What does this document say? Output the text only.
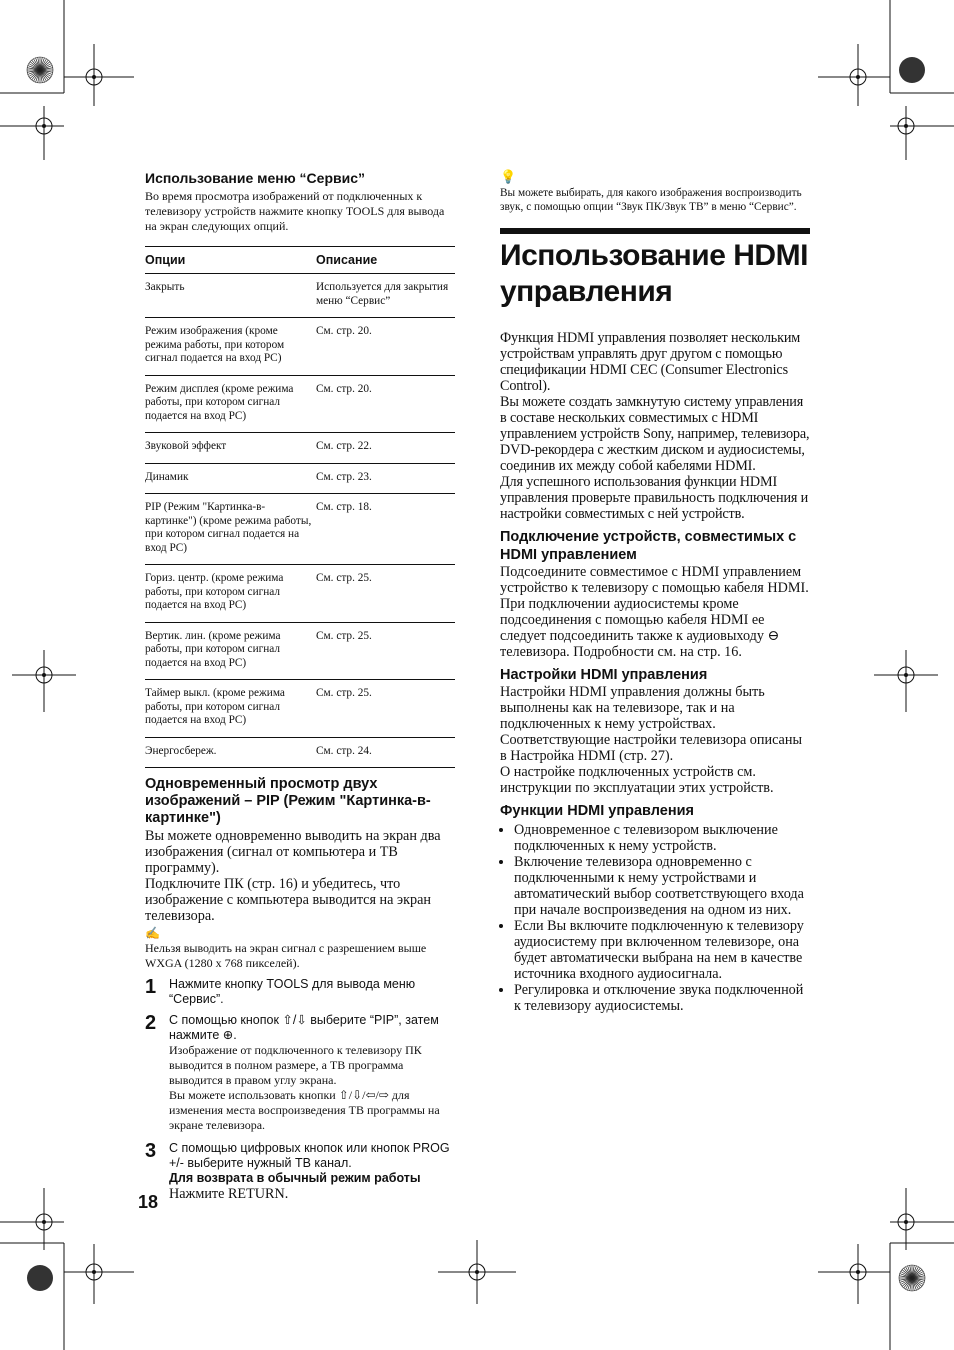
Использование меню “Сервис”
Во время просмотра изображений от подключенных к телевизору устройств нажмите кнопку TOOLS для вывода на экран следующих опций.
Опции	Описание
Закрыть	Используется для закрытия меню “Сервис”
Режим изображения (кроме режима работы, при котором сигнал подается на вход PC)	См. стр. 20.
Режим дисплея (кроме режима работы, при котором сигнал подается на вход PC)	См. стр. 20.
Звуковой эффект	См. стр. 22.
Динамик	См. стр. 23.
PIP (Режим "Картинка-в-картинке") (кроме режима работы, при котором сигнал подается на вход PC)	См. стр. 18.
Гориз. центр. (кроме режима работы, при котором сигнал подается на вход PC)	См. стр. 25.
Вертик. лин. (кроме режима работы, при котором сигнал подается на вход PC)	См. стр. 25.
Таймер выкл. (кроме режима работы, при котором сигнал подается на вход PC)	См. стр. 25.
Энергосбереж.	См. стр. 24.
Одновременный просмотр двух изображений – PIP (Режим "Картинка-в-картинке")
Вы можете одновременно выводить на экран два изображения (сигнал от компьютера и ТВ программу).
Подключите ПК (стр. 16) и убедитесь, что изображение с компьютера выводится на экран телевизора.
✍
Нельзя выводить на экран сигнал с разрешением выше WXGA (1280 x 768 пикселей).
1 Нажмите кнопку TOOLS для вывода меню “Сервис”.
2 С помощью кнопок ⇧/⇩ выберите “PIP”, затем нажмите ⊕.
Изображение от подключенного к телевизору ПК выводится в полном размере, а ТВ программа выводится в правом углу экрана.
Вы можете использовать кнопки ⇧/⇩/⇦/⇨ для изменения места воспроизведения ТВ программы на экране телевизора.
3 С помощью цифровых кнопок или кнопок PROG +/- выберите нужный ТВ канал.
Для возврата в обычный режим работы
Нажмите RETURN.
18
💡
Вы можете выбирать, для какого изображения воспроизводить звук, с помощью опции “Звук ПК/Звук ТВ” в меню “Сервис”.
Использование HDMI управления
Функция HDMI управления позволяет нескольким устройствам управлять друг другом с помощью спецификации HDMI CEC (Consumer Electronics Control).
Вы можете создать замкнутую систему управления в составе нескольких совместимых с HDMI управлением устройств Sony, например, телевизора, DVD-рекордера с жестким диском и аудиосистемы, соединив их между собой кабелями HDMI.
Для успешного использования функции HDMI управления проверьте правильность подключения и настройки совместимых с ней устройств.
Подключение устройств, совместимых с HDMI управлением
Подсоедините совместимое с HDMI управлением устройство к телевизору с помощью кабеля HDMI. При подключении аудиосистемы кроме подсоединения с помощью кабеля HDMI ее следует подсоединить также к аудиовыходу ⊖ телевизора. Подробности см. на стр. 16.
Настройки HDMI управления
Настройки HDMI управления должны быть выполнены как на телевизоре, так и на подключенных к нему устройствах. Соответствующие настройки телевизора описаны в Настройка HDMI (стр. 27).
О настройке подключенных устройств см. инструкции по эксплуатации этих устройств.
Функции HDMI управления
• Одновременное с телевизором выключение подключенных к нему устройств.
• Включение телевизора одновременно с подключенными к нему устройствами и автоматический выбор соответствующего входа при начале воспроизведения на одном из них.
• Если Вы включите подключенную к телевизору аудиосистему при включенном телевизоре, она будет автоматически выбрана на нем в качестве источника входного аудиосигнала.
• Регулировка и отключение звука подключенной к телевизору аудиосистемы.
